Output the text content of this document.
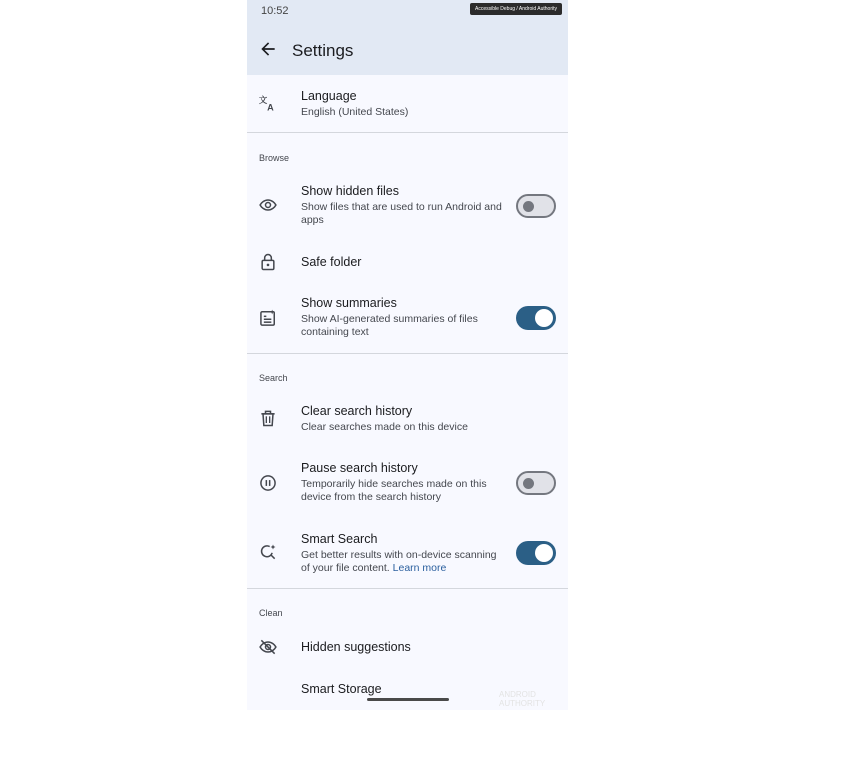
10:52	Accessible Debug / Android Authority
Settings
文
A
Language
English (United States)
Browse
Show hidden files
Show files that are used to run Android and apps
Safe folder
Show summaries
Show AI-generated summaries of files containing text
Search
Clear search history
Clear searches made on this device
Pause search history
Temporarily hide searches made on this device from the search history
Smart Search
Get better results with on-device scanning of your file content. Learn more
Clean
Hidden suggestions
Smart Storage	ANDROID AUTHORITY
